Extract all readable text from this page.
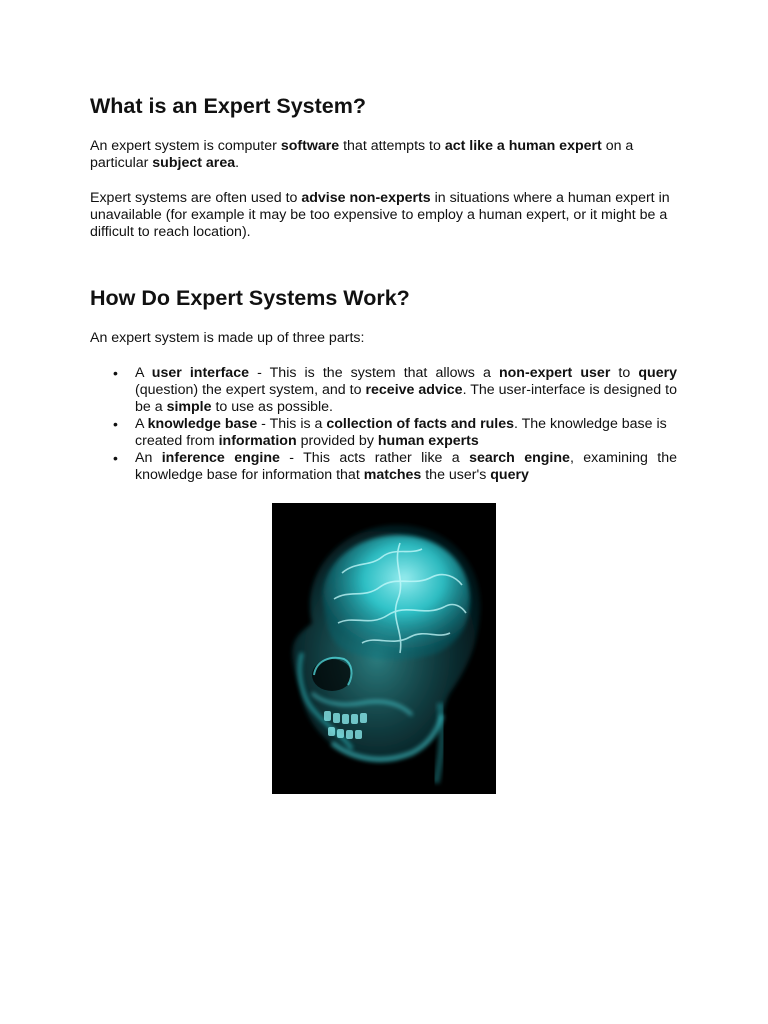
What is an Expert System?

An expert system is computer software that attempts to act like a human expert on a particular subject area.

Expert systems are often used to advise non-experts in situations where a human expert in unavailable (for example it may be too expensive to employ a human expert, or it might be a difficult to reach location).

How Do Expert Systems Work?

An expert system is made up of three parts:

• A user interface - This is the system that allows a non-expert user to query (question) the expert system, and to receive advice. The user-interface is designed to be a simple to use as possible.
• A knowledge base - This is a collection of facts and rules. The knowledge base is created from information provided by human experts
• An inference engine - This acts rather like a search engine, examining the knowledge base for information that matches the user's query
